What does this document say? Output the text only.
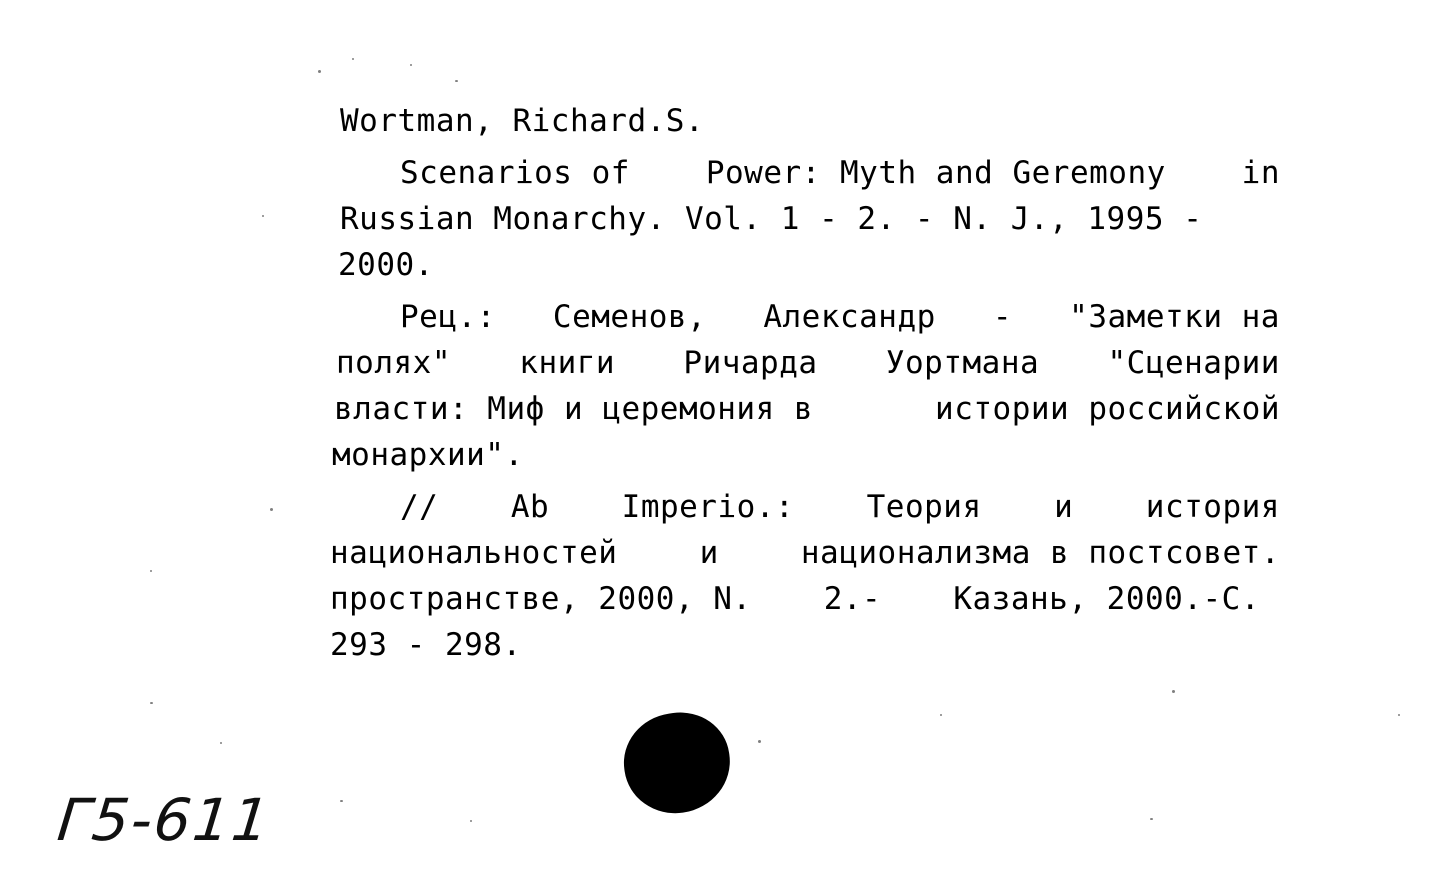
Wortman, Richard.S.
Scenarios of Power: Myth and Geremony in
Russian Monarchy. Vol. 1 - 2. - N. J., 1995 -
2000.
Рец.: Семенов, Александр - "Заметки на
полях" книги Ричарда Уортмана "Сценарии
власти: Миф и церемония в	истории российской
монархии".
// Ab Imperio.: Теория и история
национальностей	и	национализма в постсовет.
пространстве, 2000, N. 2.- Казань, 2000.-С.
293 - 298.
Г5-611
